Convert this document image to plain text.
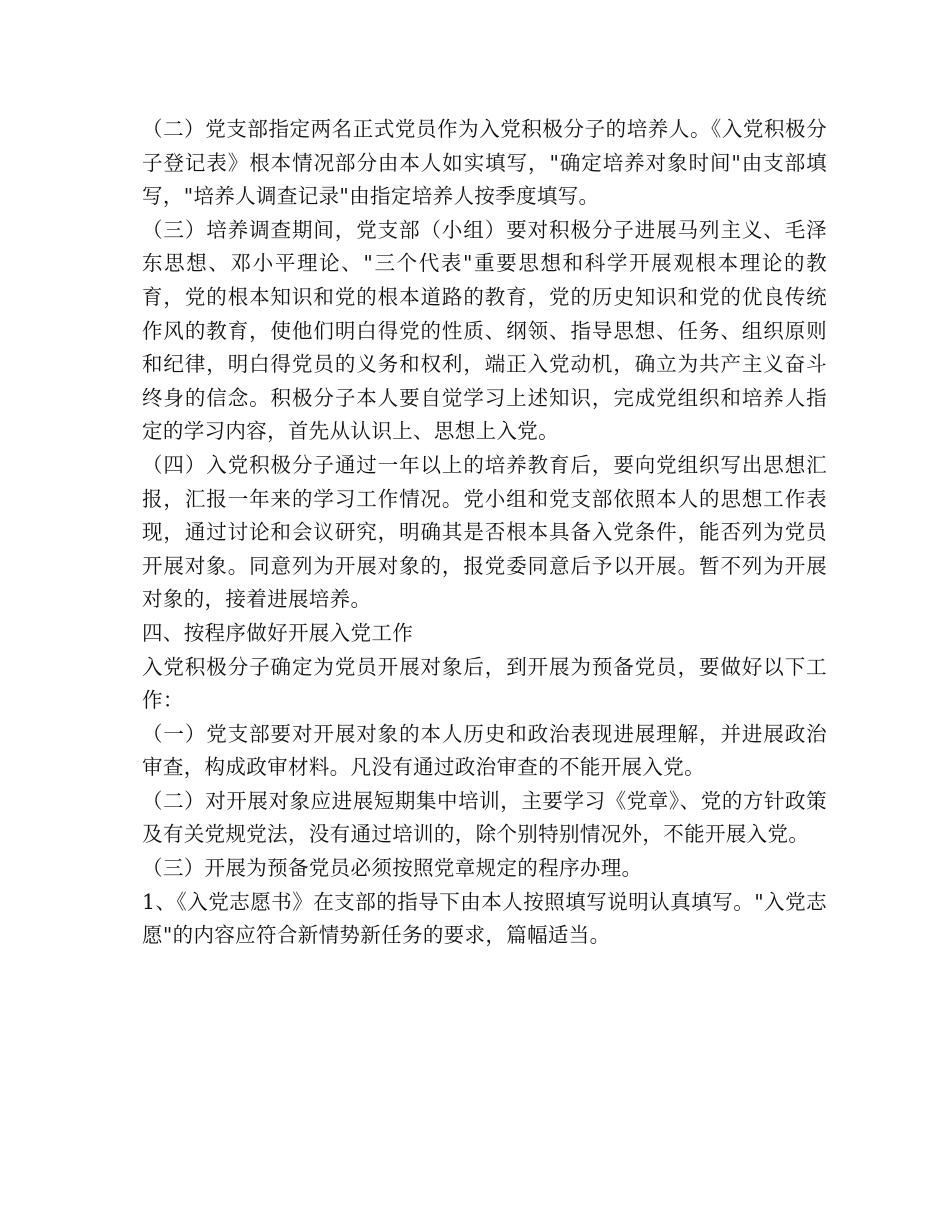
（二）党支部指定两名正式党员作为入党积极分子的培养人。《入党积极分子登记表》根本情况部分由本人如实填写，"确定培养对象时间"由支部填写，"培养人调查记录"由指定培养人按季度填写。

（三）培养调查期间，党支部（小组）要对积极分子进展马列主义、毛泽东思想、邓小平理论、"三个代表"重要思想和科学开展观根本理论的教育，党的根本知识和党的根本道路的教育，党的历史知识和党的优良传统作风的教育，使他们明白得党的性质、纲领、指导思想、任务、组织原则和纪律，明白得党员的义务和权利，端正入党动机，确立为共产主义奋斗终身的信念。积极分子本人要自觉学习上述知识，完成党组织和培养人指定的学习内容，首先从认识上、思想上入党。

（四）入党积极分子通过一年以上的培养教育后，要向党组织写出思想汇报，汇报一年来的学习工作情况。党小组和党支部依照本人的思想工作表现，通过讨论和会议研究，明确其是否根本具备入党条件，能否列为党员开展对象。同意列为开展对象的，报党委同意后予以开展。暂不列为开展对象的，接着进展培养。

四、按程序做好开展入党工作

入党积极分子确定为党员开展对象后，到开展为预备党员，要做好以下工作：

（一）党支部要对开展对象的本人历史和政治表现进展理解，并进展政治审查，构成政审材料。凡没有通过政治审查的不能开展入党。

（二）对开展对象应进展短期集中培训，主要学习《党章》、党的方针政策及有关党规党法，没有通过培训的，除个别特别情况外，不能开展入党。

（三）开展为预备党员必须按照党章规定的程序办理。

1、《入党志愿书》在支部的指导下由本人按照填写说明认真填写。"入党志愿"的内容应符合新情势新任务的要求，篇幅适当。
